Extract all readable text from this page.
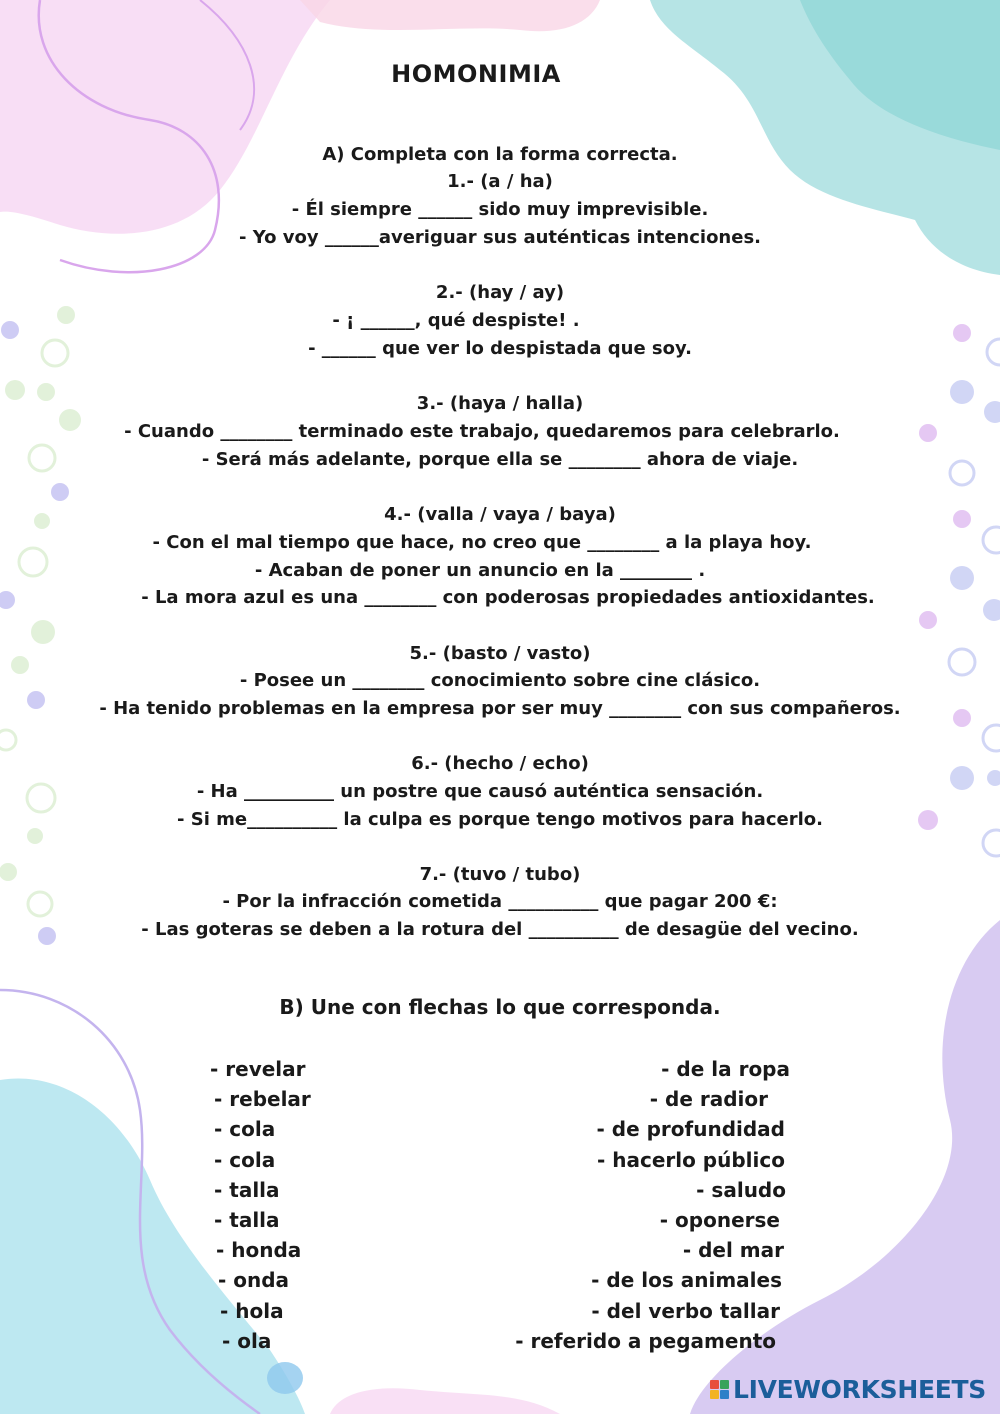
HOMONIMIA
A) Completa con la forma correcta.
1.- (a / ha)
- Él siempre ______ sido muy imprevisible.
- Yo voy ______averiguar sus auténticas intenciones.
2.- (hay / ay)
- ¡ ______, qué despiste! .
- ______ que ver lo despistada que soy.
3.- (haya / halla)
- Cuando ________ terminado este trabajo, quedaremos para celebrarlo.
- Será más adelante, porque ella se ________ ahora de viaje.
4.- (valla / vaya / baya)
- Con el mal tiempo que hace, no creo que ________ a la playa hoy.
- Acaban de poner un anuncio en la ________ .
- La mora azul es una ________ con poderosas propiedades antioxidantes.
5.- (basto / vasto)
- Posee un ________ conocimiento sobre cine clásico.
- Ha tenido problemas en la empresa por ser muy ________ con sus compañeros.
6.- (hecho / echo)
- Ha __________ un postre que causó auténtica sensación.
- Si me__________ la culpa es porque tengo motivos para hacerlo.
7.- (tuvo / tubo)
- Por la infracción cometida __________ que pagar 200 €:
- Las goteras se deben a la rotura del __________ de desagüe del vecino.
B) Une con flechas lo que corresponda.
- revelar
- rebelar
- cola
- cola
- talla
- talla
- honda
- onda
- hola
- ola
- de la ropa
- de radior
- de profundidad
- hacerlo público
- saludo
- oponerse
- del mar
- de los animales
- del verbo tallar
- referido a pegamento
LIVEWORKSHEETS
